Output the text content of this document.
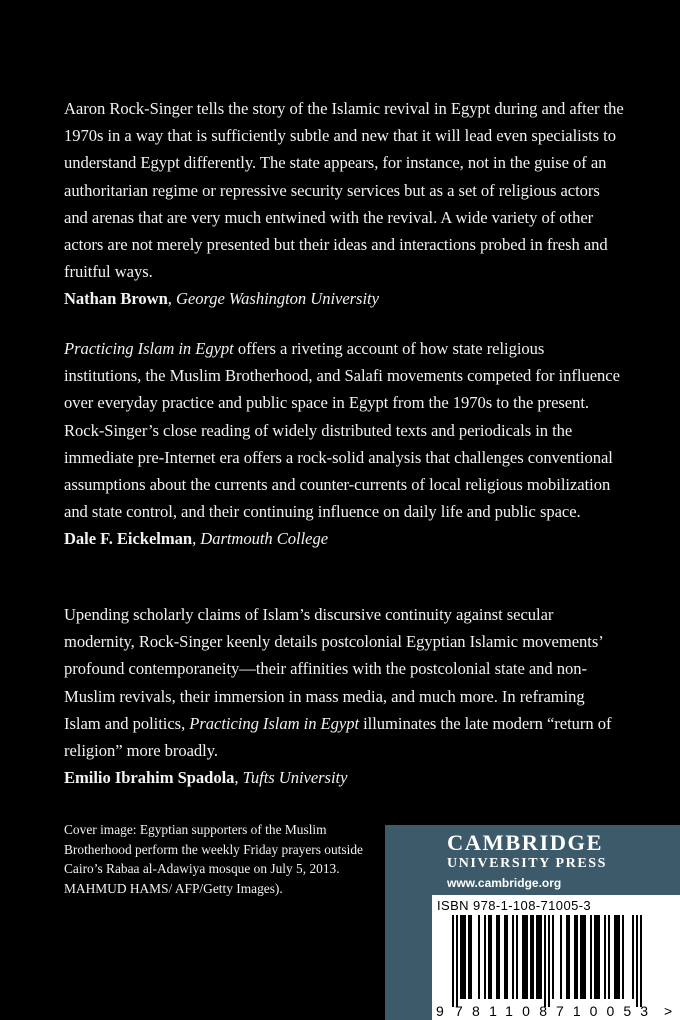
Aaron Rock-Singer tells the story of the Islamic revival in Egypt during and after the 1970s in a way that is sufficiently subtle and new that it will lead even specialists to understand Egypt differently. The state appears, for instance, not in the guise of an authoritarian regime or repressive security services but as a set of religious actors and arenas that are very much entwined with the revival. A wide variety of other actors are not merely presented but their ideas and interactions probed in fresh and fruitful ways.

Nathan Brown, George Washington University

Practicing Islam in Egypt offers a riveting account of how state religious institutions, the Muslim Brotherhood, and Salafi movements competed for influence over everyday practice and public space in Egypt from the 1970s to the present. Rock-Singer’s close reading of widely distributed texts and periodicals in the immediate pre-Internet era offers a rock-solid analysis that challenges conventional assumptions about the currents and counter-currents of local religious mobilization and state control, and their continuing influence on daily life and public space.

Dale F. Eickelman, Dartmouth College

Upending scholarly claims of Islam’s discursive continuity against secular modernity, Rock-Singer keenly details postcolonial Egyptian Islamic movements’ profound contemporaneity—their affinities with the postcolonial state and non-Muslim revivals, their immersion in mass media, and much more. In reframing Islam and politics, Practicing Islam in Egypt illuminates the late modern “return of religion” more broadly.

Emilio Ibrahim Spadola, Tufts University

Cover image: Egyptian supporters of the Muslim Brotherhood perform the weekly Friday prayers outside Cairo’s Rabaa al-Adawiya mosque on July 5, 2013. MAHMUD HAMS/ AFP/Getty Images).
CAMBRIDGE
UNIVERSITY PRESS
www.cambridge.org
ISBN 978-1-108-71005-3
9 781108 710053 >
